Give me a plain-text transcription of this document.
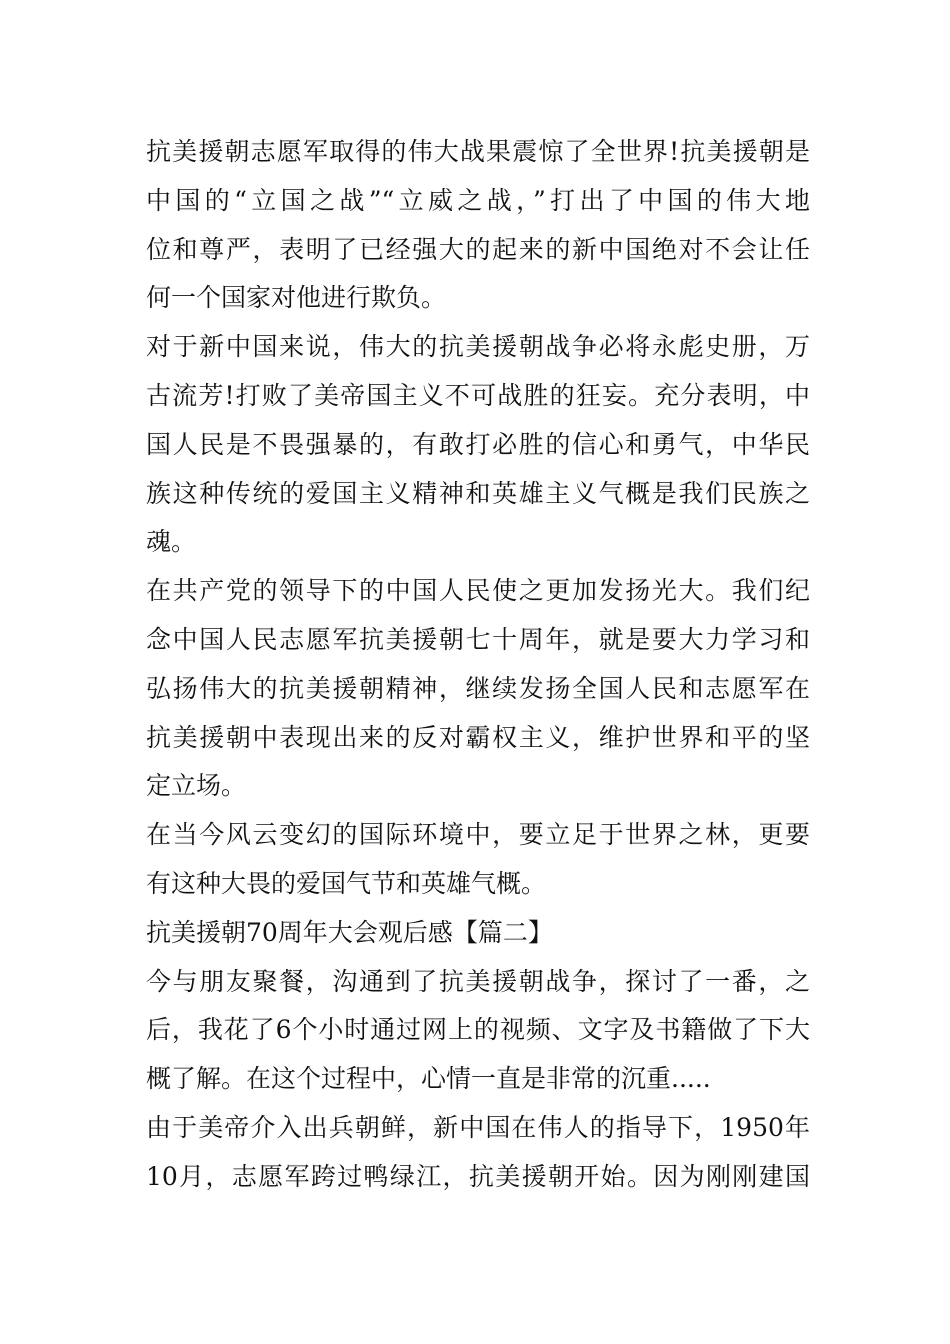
抗美援朝志愿军取得的伟大战果震惊了全世界!抗美援朝是
中国的“立国之战”“立威之战，”打出了中国的伟大地
位和尊严，表明了已经强大的起来的新中国绝对不会让任
何一个国家对他进行欺负。
对于新中国来说，伟大的抗美援朝战争必将永彪史册，万
古流芳!打败了美帝国主义不可战胜的狂妄。充分表明，中
国人民是不畏强暴的，有敢打必胜的信心和勇气，中华民
族这种传统的爱国主义精神和英雄主义气概是我们民族之
魂。
在共产党的领导下的中国人民使之更加发扬光大。我们纪
念中国人民志愿军抗美援朝七十周年，就是要大力学习和
弘扬伟大的抗美援朝精神，继续发扬全国人民和志愿军在
抗美援朝中表现出来的反对霸权主义，维护世界和平的坚
定立场。
在当今风云变幻的国际环境中，要立足于世界之林，更要
有这种大畏的爱国气节和英雄气概。
抗美援朝70周年大会观后感【篇二】
今与朋友聚餐，沟通到了抗美援朝战争，探讨了一番，之
后，我花了6个小时通过网上的视频、文字及书籍做了下大
概了解。在这个过程中，心情一直是非常的沉重.....
由于美帝介入出兵朝鲜，新中国在伟人的指导下，1950年
10月，志愿军跨过鸭绿江，抗美援朝开始。因为刚刚建国
